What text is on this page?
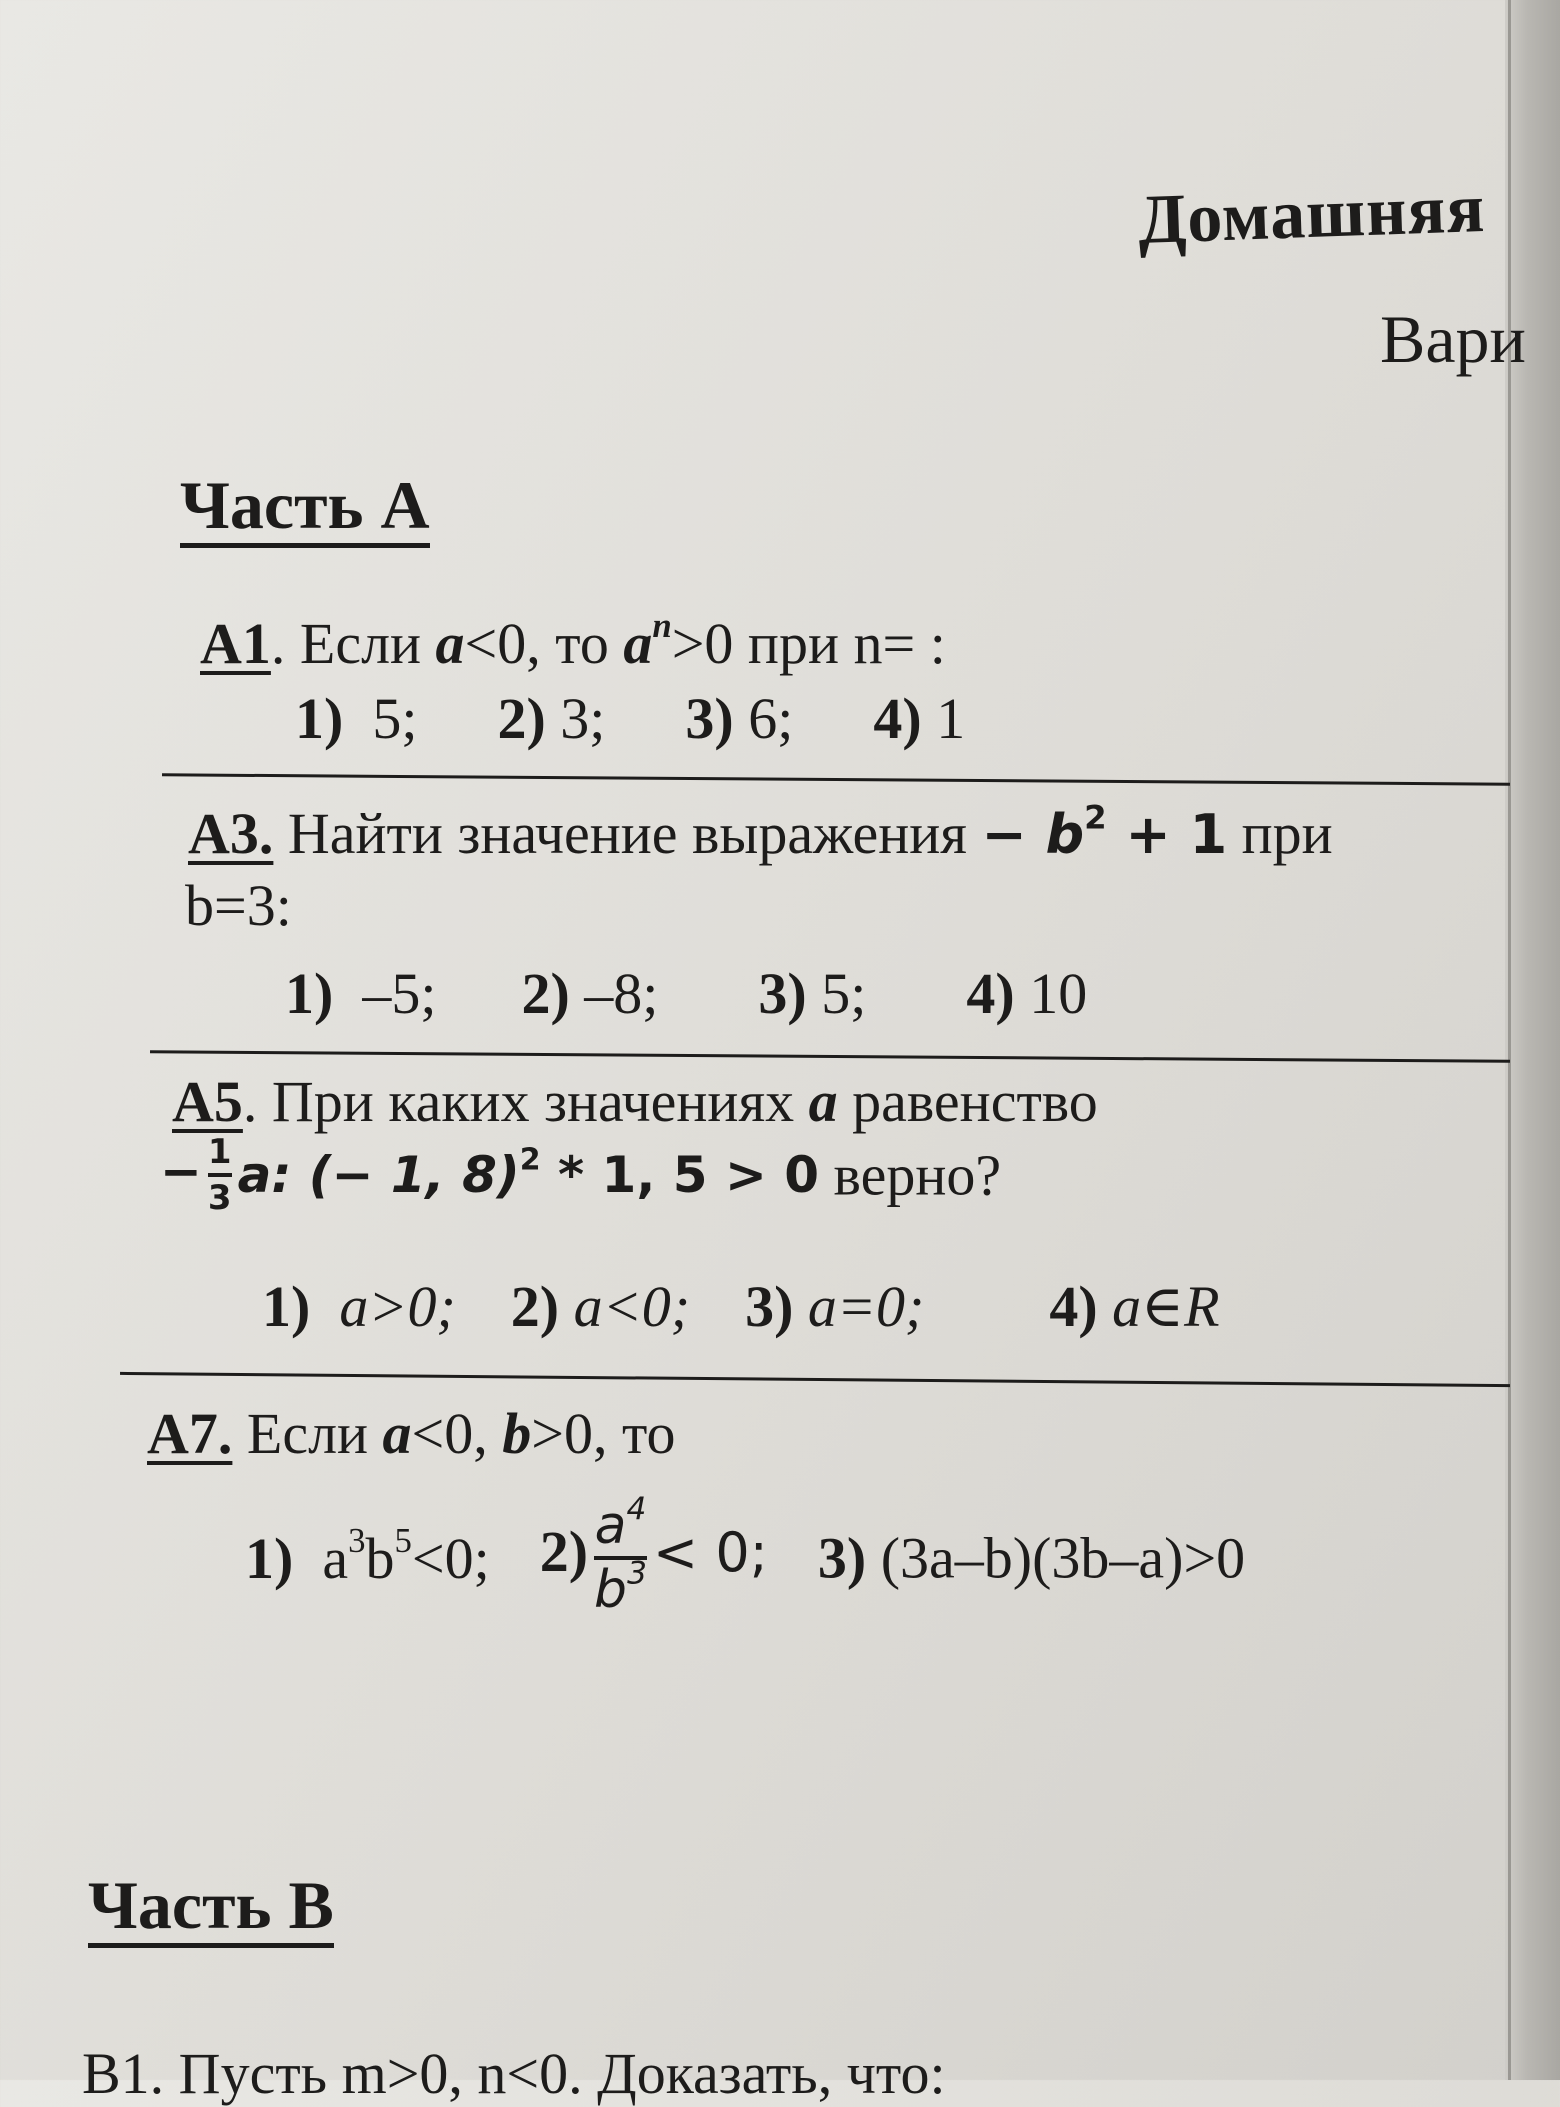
Домашняя
Вари
Часть А
А1. Если a<0, то $a^n>0$ при n= :
1) 5; 2) 3; 3) 6; 4) 1
А3. Найти значение выражения − $b^2 + 1$ при
b=3:
1) –5; 2) –8; 3) 5; 4) 10
А5. При каких значениях a равенство
− $\frac{1}{3} a$: (− 1, 8)$^2$ * 1, 5 > 0 верно?
1) a>0; 2) a<0; 3) a=0; 4) a∈R
А7. Если a<0, b>0, то
1) $a^3b^5<0$; $2) \frac{a^4}{b^3} < 0$; 3) (3a–b)(3b–a)>0
Часть В
В1. Пусть m>0, n<0. Доказать, что:
